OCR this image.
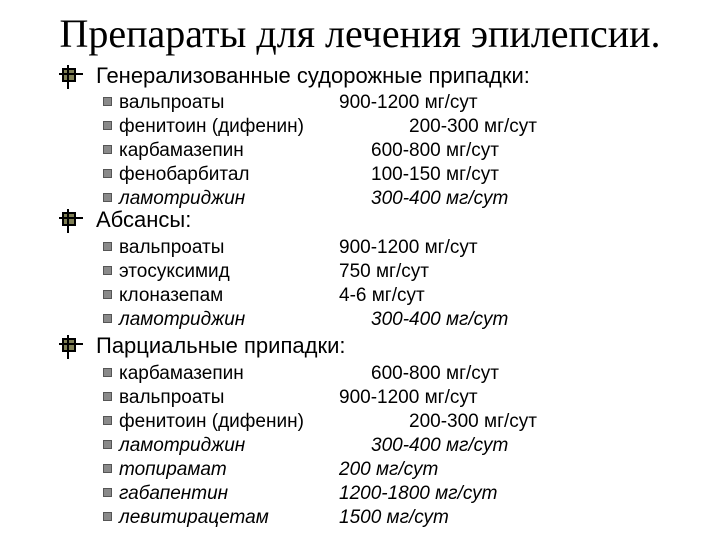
Препараты для лечения эпилепсии.
Генерализованные судорожные припадки:
вальпроаты	900-1200 мг/сут
фенитоин (дифенин)	200-300 мг/сут
карбамазепин	600-800 мг/сут
фенобарбитал	100-150 мг/сут
ламотриджин	300-400 мг/сут
Абсансы:
вальпроаты	900-1200 мг/сут
этосуксимид	750 мг/сут
клоназепам	4-6 мг/сут
ламотриджин	300-400 мг/сут
Парциальные припадки:
карбамазепин	600-800 мг/сут
вальпроаты	900-1200 мг/сут
фенитоин (дифенин)	200-300 мг/сут
ламотриджин	300-400 мг/сут
топирамат	200 мг/сут
габапентин	1200-1800 мг/сут
левитирацетам	1500 мг/сут
